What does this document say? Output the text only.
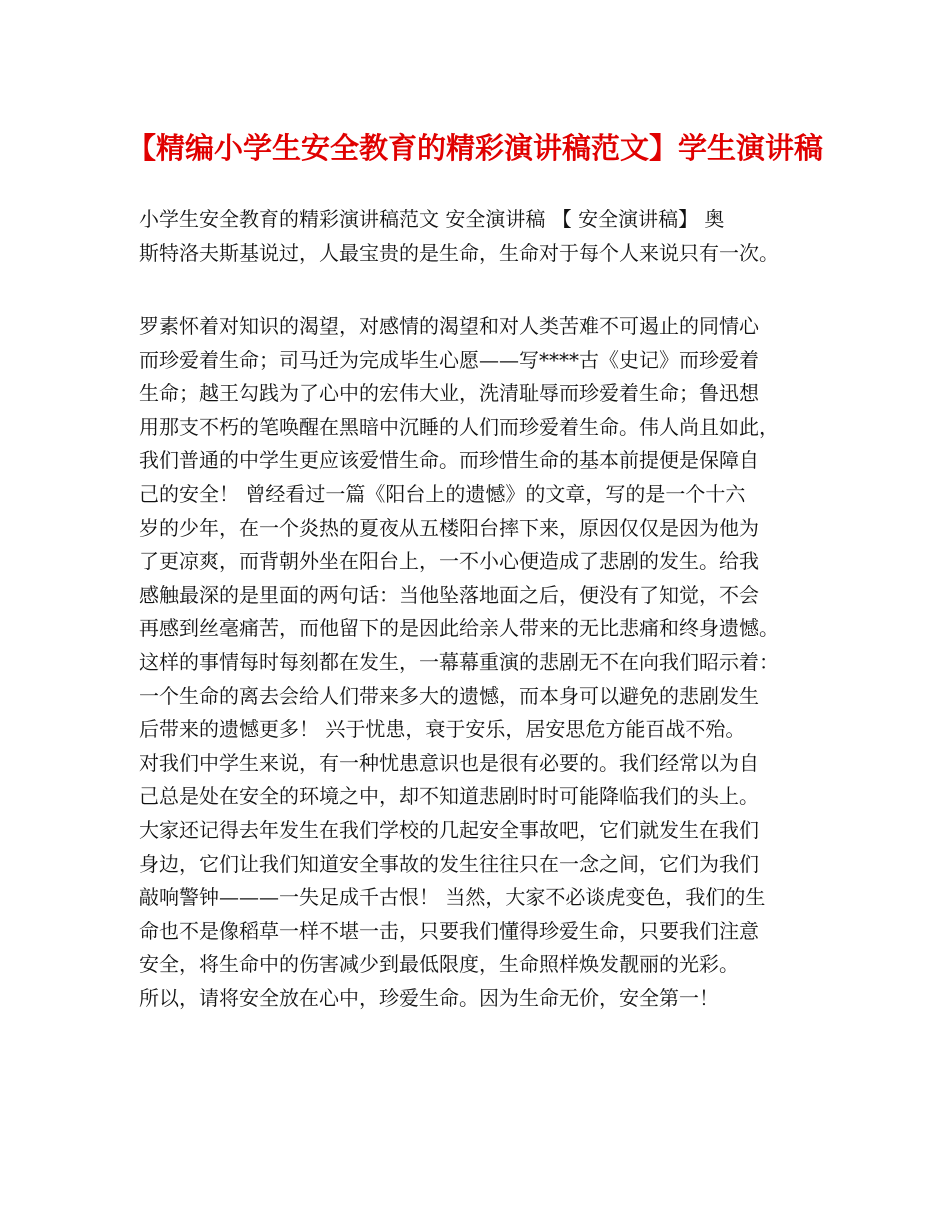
【精编小学生安全教育的精彩演讲稿范文】学生演讲稿
小学生安全教育的精彩演讲稿范文 安全演讲稿 【 安全演讲稿】 奥
斯特洛夫斯基说过，人最宝贵的是生命，生命对于每个人来说只有一次。
罗素怀着对知识的渴望，对感情的渴望和对人类苦难不可遏止的同情心
而珍爱着生命；司马迁为完成毕生心愿——写****古《史记》而珍爱着
生命；越王勾践为了心中的宏伟大业，洗清耻辱而珍爱着生命；鲁迅想
用那支不朽的笔唤醒在黑暗中沉睡的人们而珍爱着生命。伟人尚且如此，
我们普通的中学生更应该爱惜生命。而珍惜生命的基本前提便是保障自
己的安全！ 曾经看过一篇《阳台上的遗憾》的文章，写的是一个十六
岁的少年，在一个炎热的夏夜从五楼阳台摔下来，原因仅仅是因为他为
了更凉爽，而背朝外坐在阳台上，一不小心便造成了悲剧的发生。给我
感触最深的是里面的两句话：当他坠落地面之后，便没有了知觉，不会
再感到丝毫痛苦，而他留下的是因此给亲人带来的无比悲痛和终身遗憾。
这样的事情每时每刻都在发生，一幕幕重演的悲剧无不在向我们昭示着：
一个生命的离去会给人们带来多大的遗憾，而本身可以避免的悲剧发生
后带来的遗憾更多！ 兴于忧患，衰于安乐，居安思危方能百战不殆。
对我们中学生来说，有一种忧患意识也是很有必要的。我们经常以为自
己总是处在安全的环境之中，却不知道悲剧时时可能降临我们的头上。
大家还记得去年发生在我们学校的几起安全事故吧，它们就发生在我们
身边，它们让我们知道安全事故的发生往往只在一念之间，它们为我们
敲响警钟———一失足成千古恨！ 当然，大家不必谈虎变色，我们的生
命也不是像稻草一样不堪一击，只要我们懂得珍爱生命，只要我们注意
安全，将生命中的伤害减少到最低限度，生命照样焕发靓丽的光彩。
所以，请将安全放在心中，珍爱生命。因为生命无价，安全第一！
